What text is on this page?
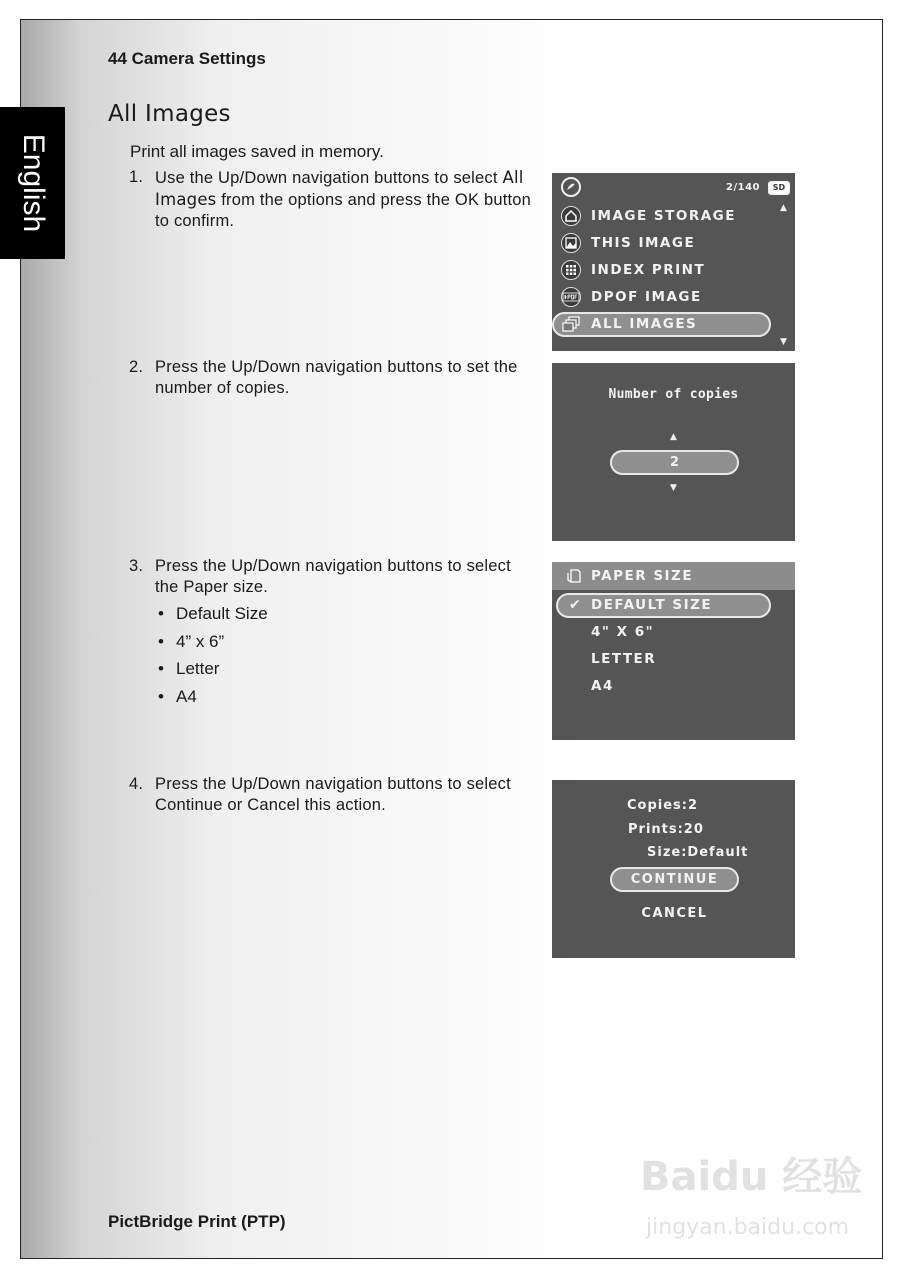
English
44 Camera Settings
All Images
Print all images saved in memory.
1. Use the Up/Down navigation buttons to select All Images from the options and press the OK button to confirm.
2. Press the Up/Down navigation buttons to set the number of copies.
3. Press the Up/Down navigation buttons to select the Paper size.
• Default Size
• 4” x 6”
• Letter
• A4
4. Press the Up/Down navigation buttons to select Continue or Cancel this action.
2/140	SD
▲
▼
IMAGE STORAGE
THIS IMAGE
INDEX PRINT
DPOF IMAGE
ALL IMAGES
Number of copies
▲
2
▼
PAPER SIZE
✔ DEFAULT SIZE
4" X 6"
LETTER
A4
Copies:2
Prints:20
Size:Default
CONTINUE
CANCEL
PictBridge Print (PTP)
Baidu 经验
jingyan.baidu.com
